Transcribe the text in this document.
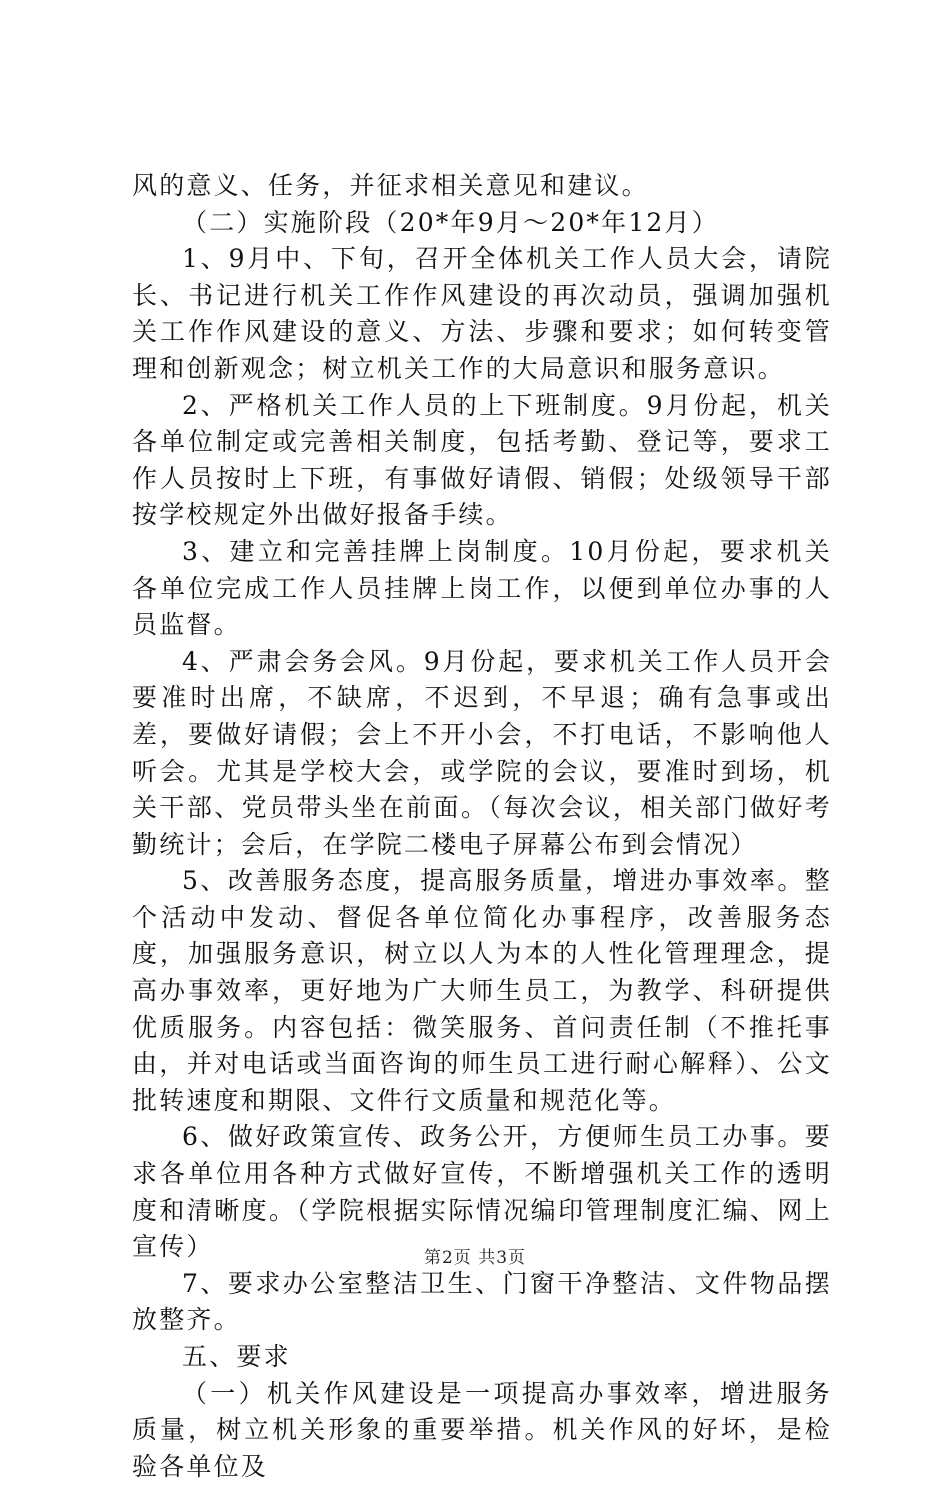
风的意义、任务，并征求相关意见和建议。

（二）实施阶段（20*年9月～20*年12月）

1、9月中、下旬，召开全体机关工作人员大会，请院长、书记进行机关工作作风建设的再次动员，强调加强机关工作作风建设的意义、方法、步骤和要求；如何转变管理和创新观念；树立机关工作的大局意识和服务意识。

2、严格机关工作人员的上下班制度。9月份起，机关各单位制定或完善相关制度，包括考勤、登记等，要求工作人员按时上下班，有事做好请假、销假；处级领导干部按学校规定外出做好报备手续。

3、建立和完善挂牌上岗制度。10月份起，要求机关各单位完成工作人员挂牌上岗工作，以便到单位办事的人员监督。

4、严肃会务会风。9月份起，要求机关工作人员开会要准时出席，不缺席，不迟到，不早退；确有急事或出差，要做好请假；会上不开小会，不打电话，不影响他人听会。尤其是学校大会，或学院的会议，要准时到场，机关干部、党员带头坐在前面。（每次会议，相关部门做好考勤统计；会后，在学院二楼电子屏幕公布到会情况）

5、改善服务态度，提高服务质量，增进办事效率。整个活动中发动、督促各单位简化办事程序，改善服务态度，加强服务意识，树立以人为本的人性化管理理念，提高办事效率，更好地为广大师生员工，为教学、科研提供优质服务。内容包括：微笑服务、首问责任制（不推托事由，并对电话或当面咨询的师生员工进行耐心解释）、公文批转速度和期限、文件行文质量和规范化等。

6、做好政策宣传、政务公开，方便师生员工办事。要求各单位用各种方式做好宣传，不断增强机关工作的透明度和清晰度。（学院根据实际情况编印管理制度汇编、网上宣传）

7、要求办公室整洁卫生、门窗干净整洁、文件物品摆放整齐。

五、要求

（一）机关作风建设是一项提高办事效率，增进服务质量，树立机关形象的重要举措。机关作风的好坏，是检验各单位及

第2页 共3页
